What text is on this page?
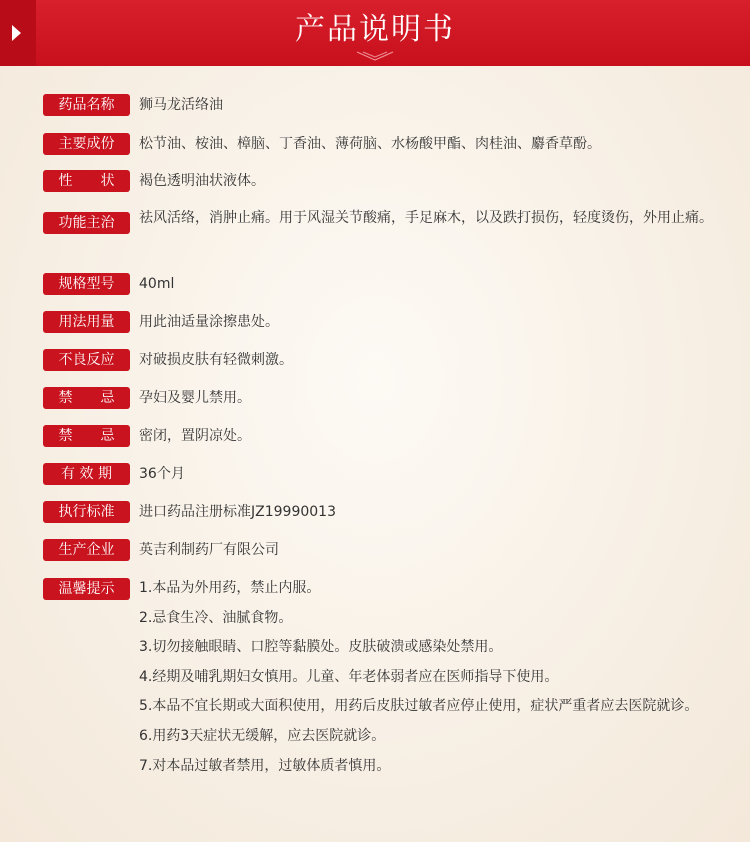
产品说明书
药品名称	狮马龙活络油
主要成份	松节油、桉油、樟脑、丁香油、薄荷脑、水杨酸甲酯、肉桂油、麝香草酚。
性　　状	褐色透明油状液体。
功能主治	祛风活络，消肿止痛。用于风湿关节酸痛，手足麻木，以及跌打损伤，轻度烫伤，外用止痛。
规格型号	40ml
用法用量	用此油适量涂擦患处。
不良反应	对破损皮肤有轻微刺激。
禁　　忌	孕妇及婴儿禁用。
禁　　忌	密闭，置阴凉处。
有 效 期	36个月
执行标准	进口药品注册标准JZ19990013
生产企业	英吉利制药厂有限公司
温馨提示	1.本品为外用药，禁止内服。
2.忌食生冷、油腻食物。
3.切勿接触眼睛、口腔等黏膜处。皮肤破溃或感染处禁用。
4.经期及哺乳期妇女慎用。儿童、年老体弱者应在医师指导下使用。
5.本品不宜长期或大面积使用，用药后皮肤过敏者应停止使用，症状严重者应去医院就诊。
6.用药3天症状无缓解，应去医院就诊。
7.对本品过敏者禁用，过敏体质者慎用。
